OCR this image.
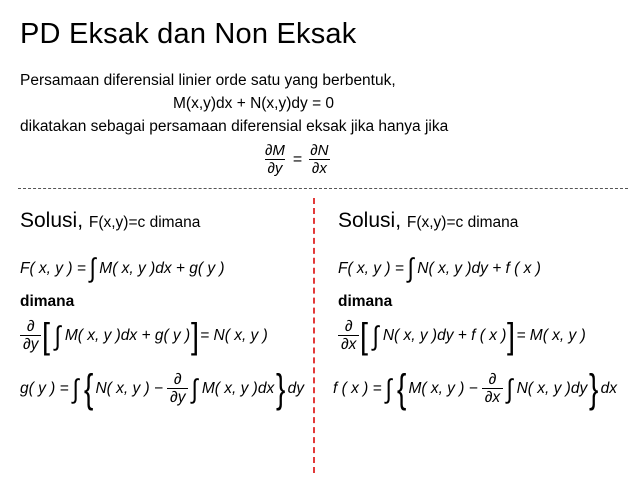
PD Eksak dan Non Eksak
Persamaan diferensial linier orde satu yang berbentuk,
M(x,y)dx + N(x,y)dy = 0
dikatakan sebagai persamaan diferensial eksak jika hanya jika
$\frac{\partial M}{\partial y} = \frac{\partial N}{\partial x}$
Solusi, F(x,y)=c dimana
F( x, y ) = ∫ M( x, y )dx + g( y )
dimana
$\frac{\partial}{\partial y}$ [ ∫ M( x, y )dx + g( y ) ] = N( x, y )
g( y ) = ∫ { N( x, y ) − $\frac{\partial}{\partial y}$ ∫ M( x, y )dx } dy
Solusi, F(x,y)=c dimana
F( x, y ) = ∫ N( x, y )dy + f ( x )
dimana
$\frac{\partial}{\partial x}$ [ ∫ N( x, y )dy + f ( x ) ] = M( x, y )
f ( x ) = ∫ { M( x, y ) − $\frac{\partial}{\partial x}$ ∫ N( x, y )dy } dx
